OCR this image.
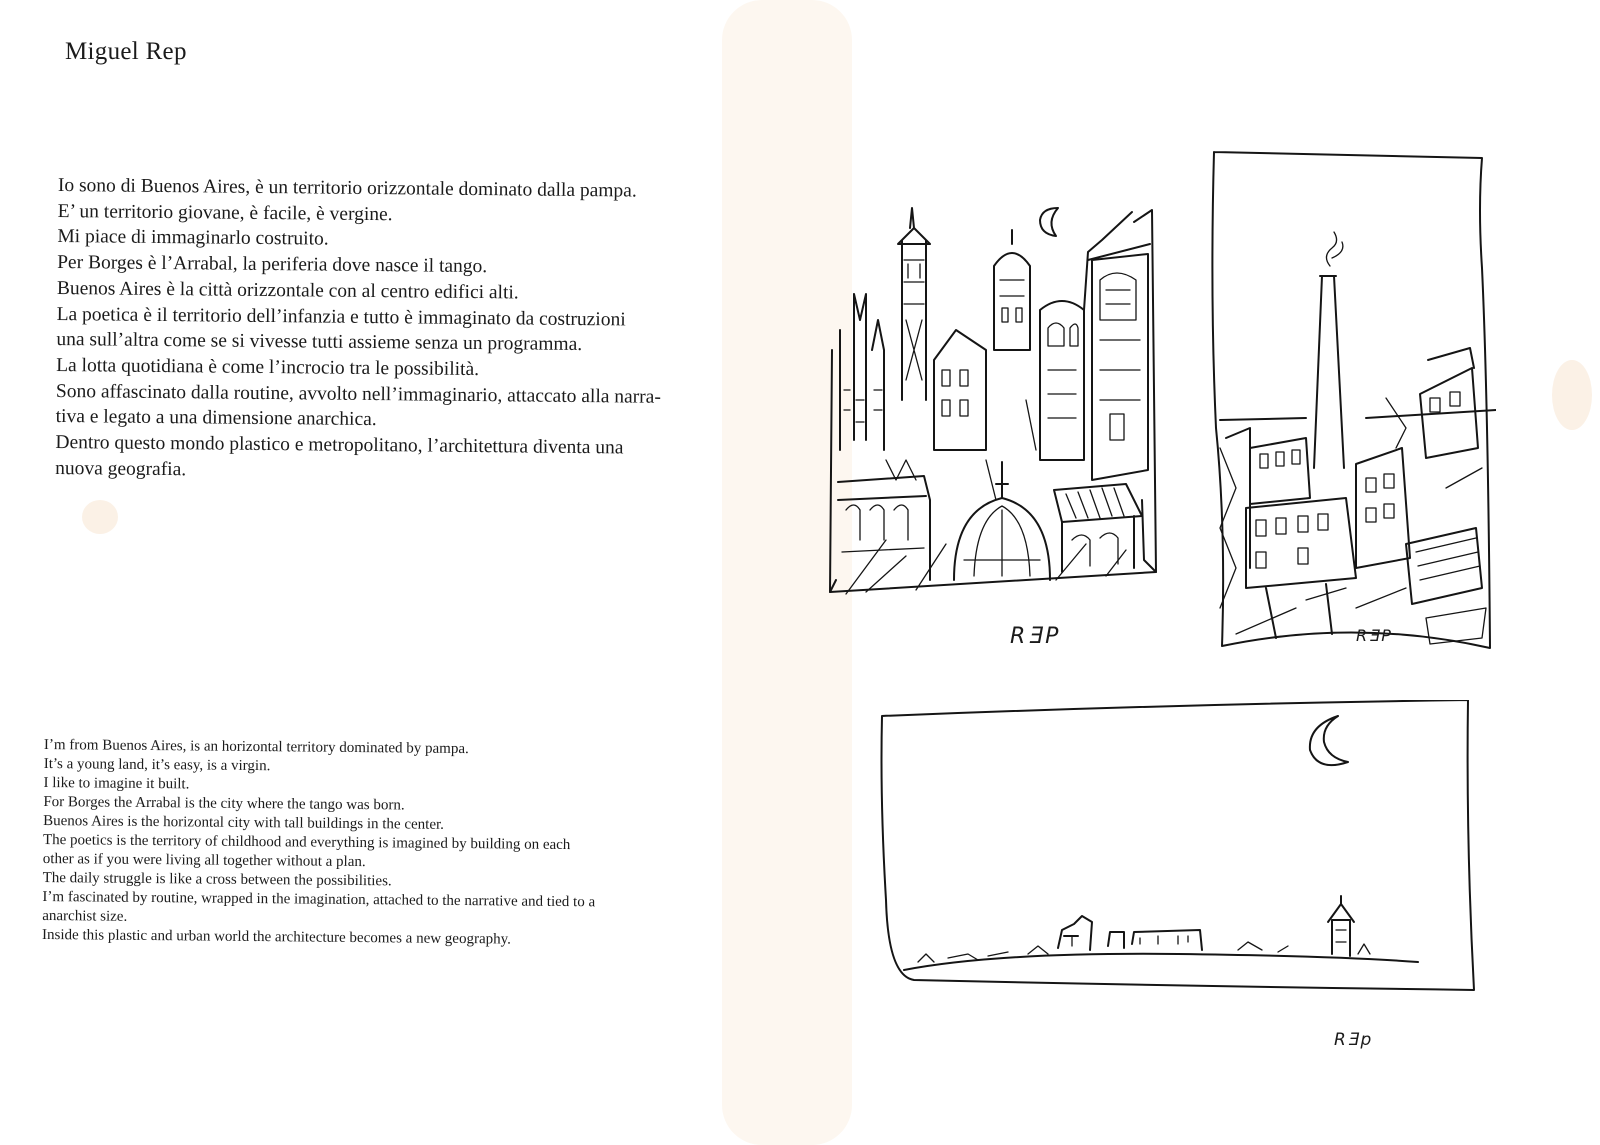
Miguel Rep
Io sono di Buenos Aires, è un territorio orizzontale dominato dalla pampa.
E’ un territorio giovane, è facile, è vergine.
Mi piace di immaginarlo costruito.
Per Borges è l’Arrabal, la periferia dove nasce il tango.
Buenos Aires è la città orizzontale con al centro edifici alti.
La poetica è il territorio dell’infanzia e tutto è immaginato da costruzioni
una sull’altra come se si vivesse tutti assieme senza un programma.
La lotta quotidiana è come l’incrocio tra le possibilità.
Sono affascinato dalla routine, avvolto nell’immaginario, attaccato alla narra-
tiva e legato a una dimensione anarchica.
Dentro questo mondo plastico e metropolitano, l’architettura diventa una
nuova geografia.
I’m from Buenos Aires, is an horizontal territory dominated by pampa.
It’s a young land, it’s easy, is a virgin.
I like to imagine it built.
For Borges the Arrabal is the city where the tango was born.
Buenos Aires is the horizontal city with tall buildings in the center.
The poetics is the territory of childhood and everything is imagined by building on each
other as if you were living all together without a plan.
The daily struggle is like a cross between the possibilities.
I’m fascinated by routine, wrapped in the imagination, attached to the narrative and tied to a
anarchist size.
Inside this plastic and urban world the architecture becomes a new geography.
RƎP	RƎP
RƎp
